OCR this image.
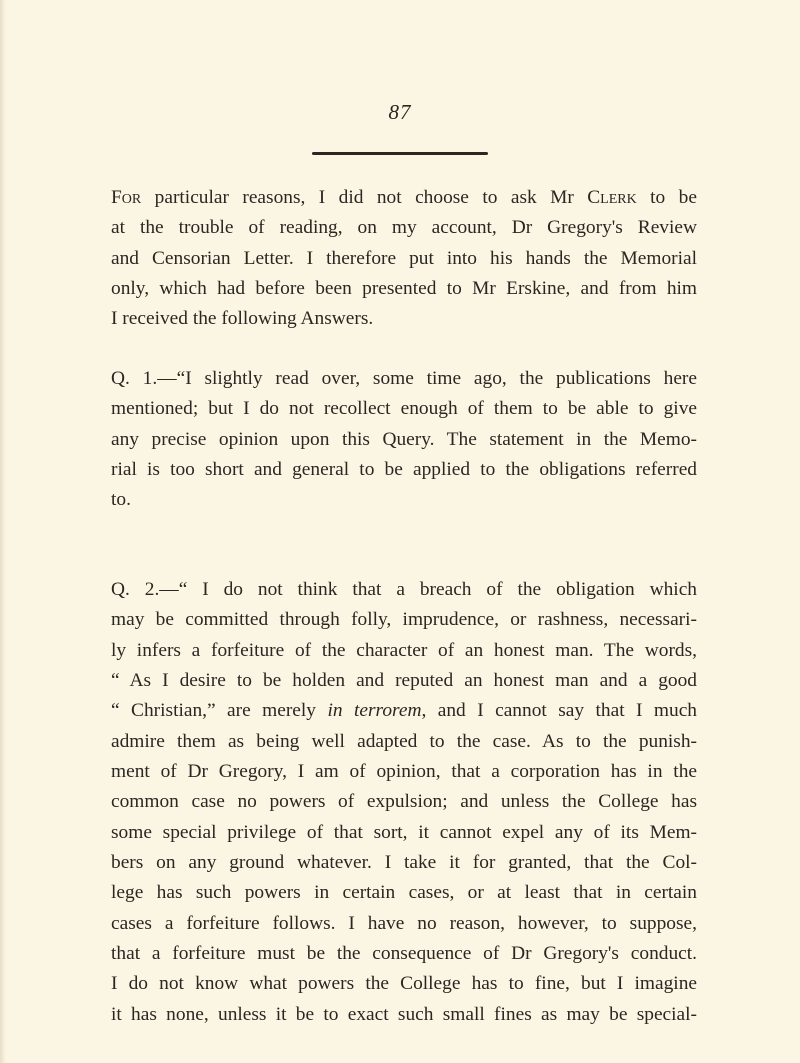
87
For particular reasons, I did not choose to ask Mr Clerk to be
at the trouble of reading, on my account, Dr Gregory's Review
and Censorian Letter. I therefore put into his hands the Memorial
only, which had before been presented to Mr Erskine, and from him
I received the following Answers.
Q. 1.—“I slightly read over, some time ago, the publications here
mentioned; but I do not recollect enough of them to be able to give
any precise opinion upon this Query. The statement in the Memo-
rial is too short and general to be applied to the obligations referred
to.
Q. 2.—“ I do not think that a breach of the obligation which
may be committed through folly, imprudence, or rashness, necessari-
ly infers a forfeiture of the character of an honest man. The words,
“ As I desire to be holden and reputed an honest man and a good
“ Christian,” are merely in terrorem, and I cannot say that I much
admire them as being well adapted to the case. As to the punish-
ment of Dr Gregory, I am of opinion, that a corporation has in the
common case no powers of expulsion; and unless the College has
some special privilege of that sort, it cannot expel any of its Mem-
bers on any ground whatever. I take it for granted, that the Col-
lege has such powers in certain cases, or at least that in certain
cases a forfeiture follows. I have no reason, however, to suppose,
that a forfeiture must be the consequence of Dr Gregory's conduct.
I do not know what powers the College has to fine, but I imagine
it has none, unless it be to exact such small fines as may be special-
